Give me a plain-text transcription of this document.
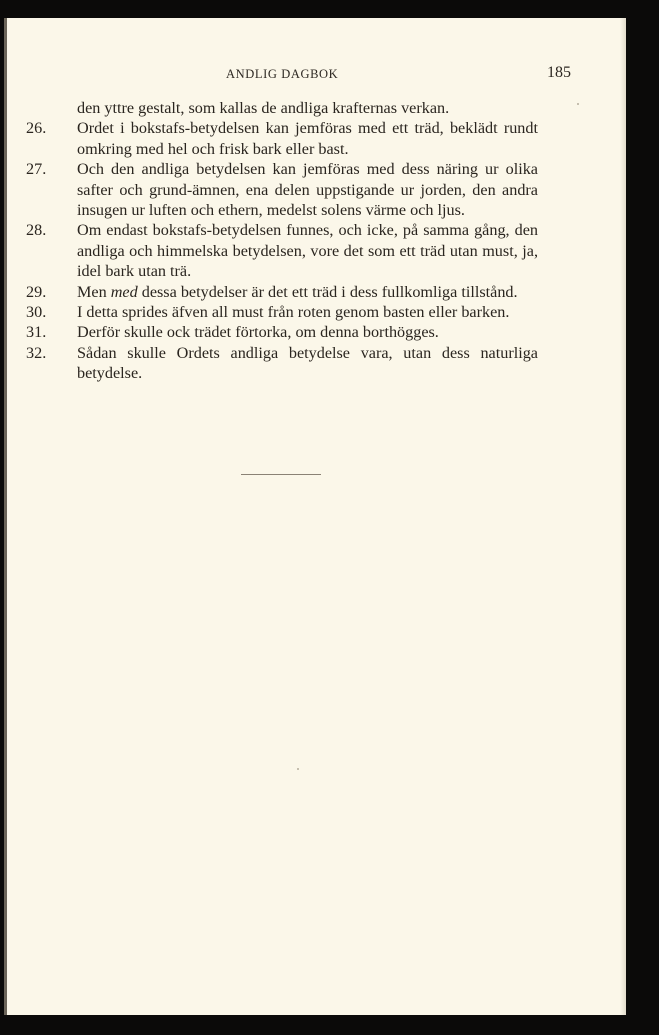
ANDLIG DAGBOK	185
den yttre gestalt, som kallas de andliga krafternas verkan.
26.	Ordet i bokstafs-betydelsen kan jemföras med ett träd, beklädt rundt omkring med hel och frisk bark eller bast.
27.	Och den andliga betydelsen kan jemföras med dess näring ur olika safter och grund-ämnen, ena delen uppstigande ur jorden, den andra insugen ur luften och ethern, medelst solens värme och ljus.
28.	Om endast bokstafs-betydelsen funnes, och icke, på samma gång, den andliga och himmelska betydelsen, vore det som ett träd utan must, ja, idel bark utan trä.
29.	Men med dessa betydelser är det ett träd i dess fullkomliga tillstånd.
30.	I detta sprides äfven all must från roten genom basten eller barken.
31.	Derför skulle ock trädet förtorka, om denna borthögges.
32.	Sådan skulle Ordets andliga betydelse vara, utan dess naturliga betydelse.
